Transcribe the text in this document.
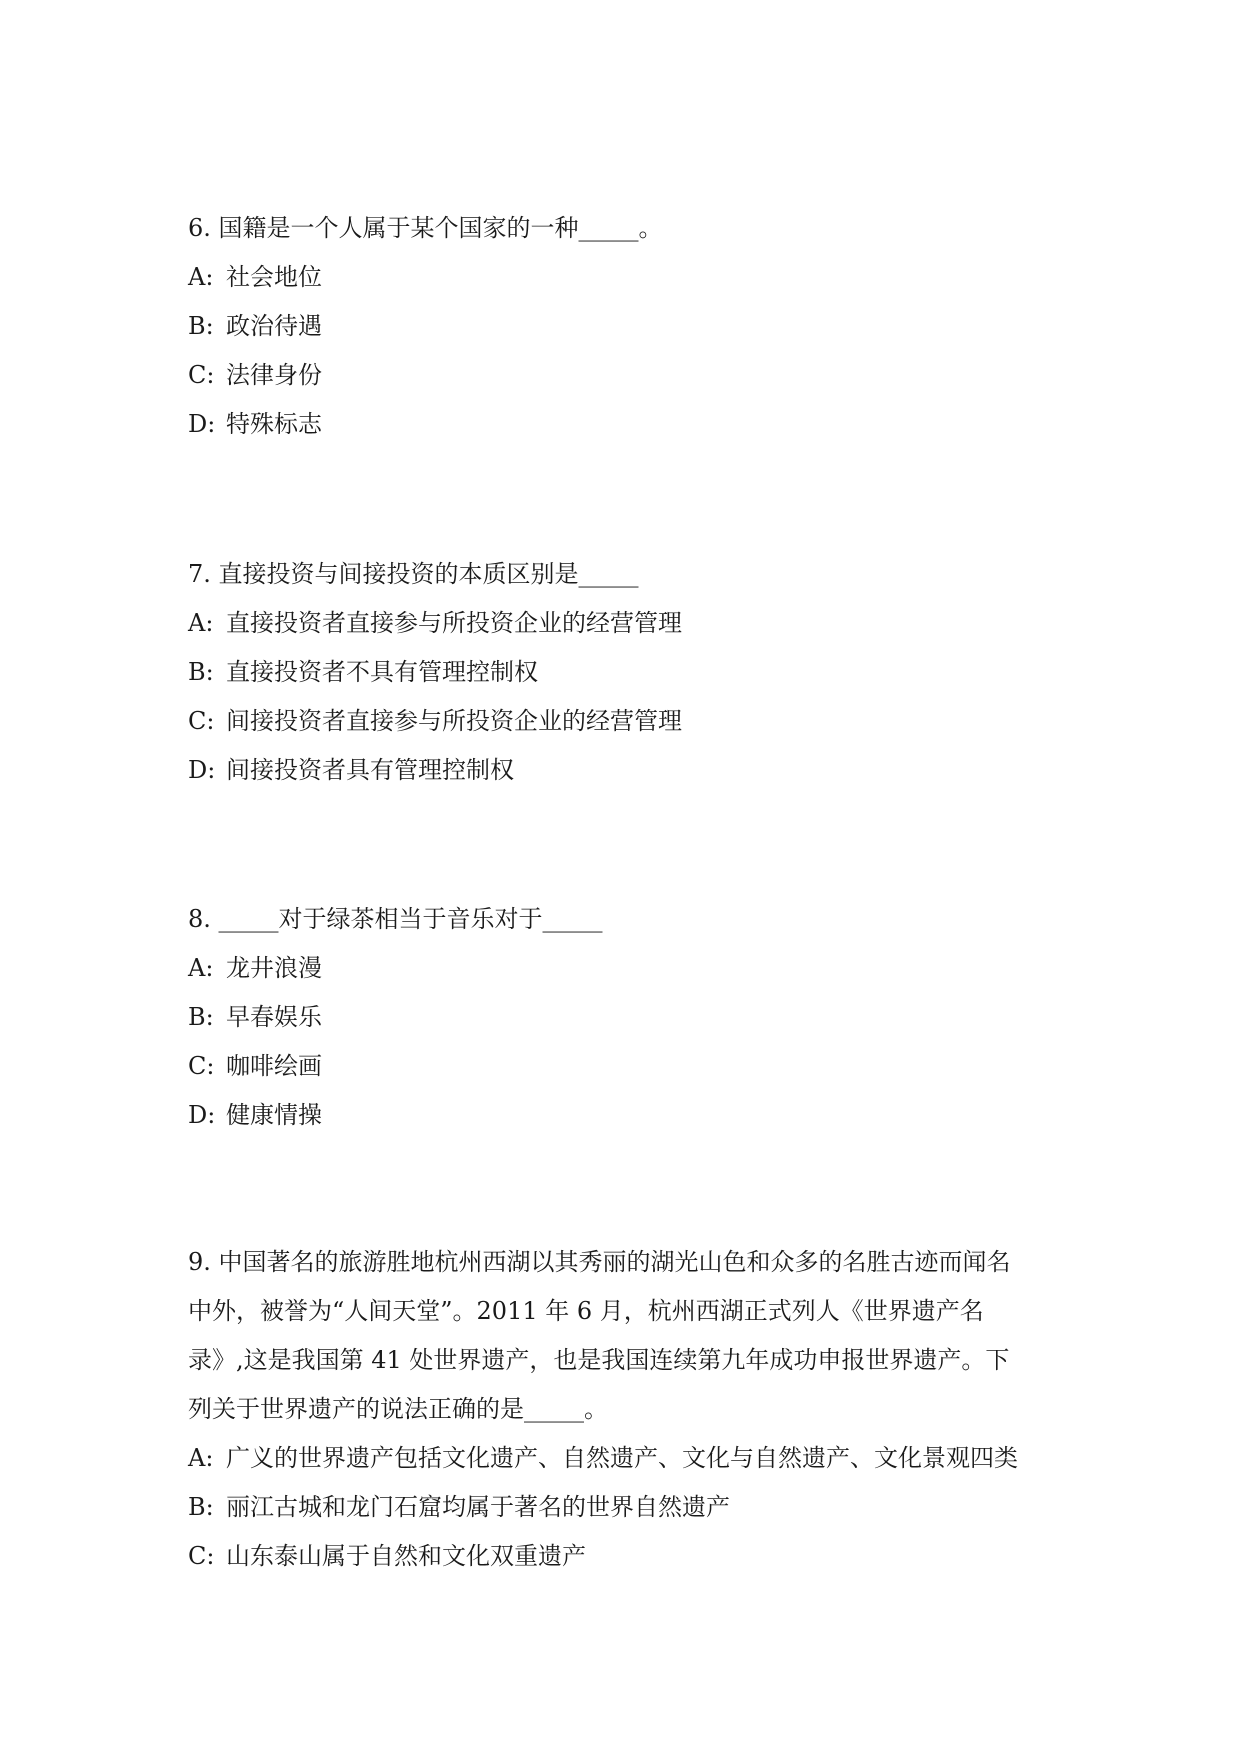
6. 国籍是一个人属于某个国家的一种_____。

A: 社会地位

B: 政治待遇

C: 法律身份

D: 特殊标志

7. 直接投资与间接投资的本质区别是_____

A: 直接投资者直接参与所投资企业的经营管理

B: 直接投资者不具有管理控制权

C: 间接投资者直接参与所投资企业的经营管理

D: 间接投资者具有管理控制权

8. _____对于绿茶相当于音乐对于_____

A: 龙井浪漫

B: 早春娱乐

C: 咖啡绘画

D: 健康情操

9. 中国著名的旅游胜地杭州西湖以其秀丽的湖光山色和众多的名胜古迹而闻名
中外，被誉为“人间天堂”。2011 年 6 月，杭州西湖正式列人《世界遗产名
录》,这是我国第 41 处世界遗产，也是我国连续第九年成功申报世界遗产。下
列关于世界遗产的说法正确的是_____。

A: 广义的世界遗产包括文化遗产、自然遗产、文化与自然遗产、文化景观四类

B: 丽江古城和龙门石窟均属于著名的世界自然遗产

C: 山东泰山属于自然和文化双重遗产
